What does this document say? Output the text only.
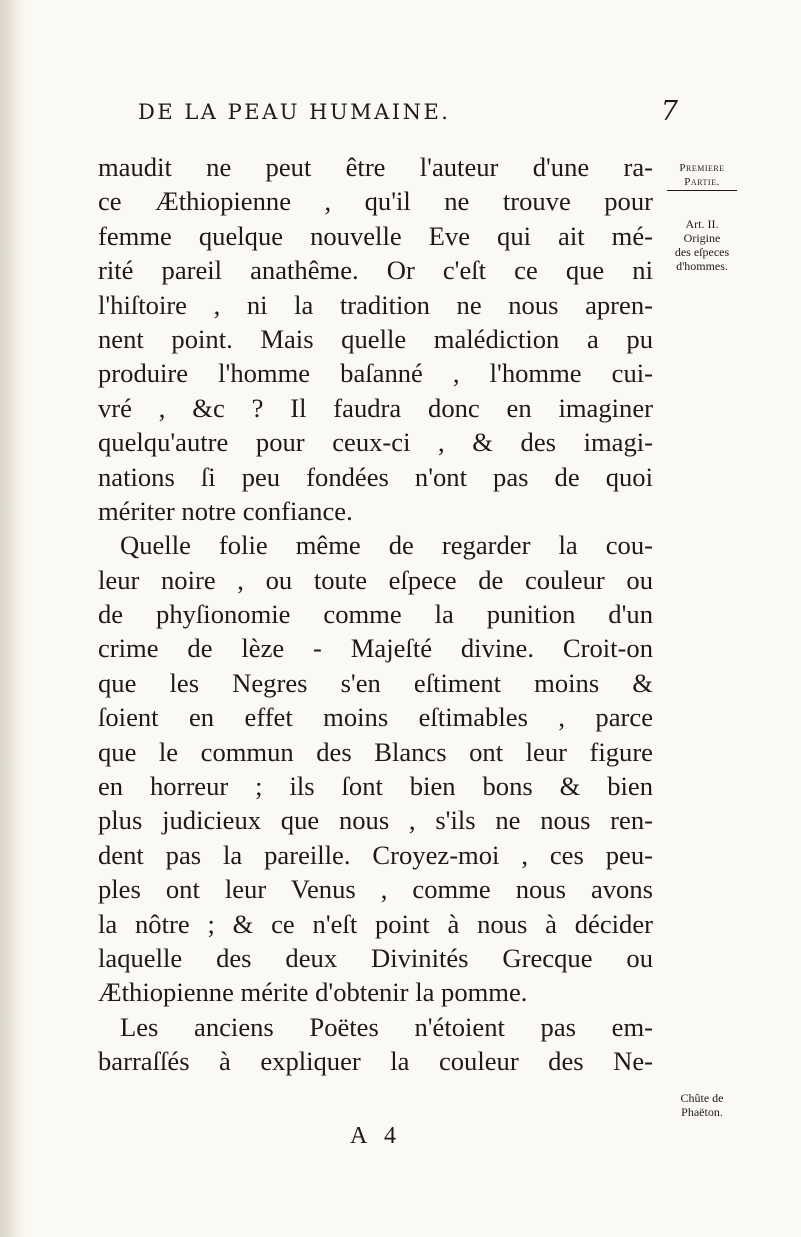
DE LA PEAU HUMAINE.	7
maudit ne peut être l'auteur d'une ra-
ce Æthiopienne , qu'il ne trouve pour
femme quelque nouvelle Eve qui ait mé-
rité pareil anathême. Or c'eſt ce que ni
l'hiſtoire , ni la tradition ne nous apren-
nent point. Mais quelle malédiction a pu
produire l'homme baſanné , l'homme cui-
vré , &c ? Il faudra donc en imaginer
quelqu'autre pour ceux-ci , & des imagi-
nations ſi peu fondées n'ont pas de quoi
mériter notre confiance.
Quelle folie même de regarder la cou-
leur noire , ou toute eſpece de couleur ou
de phyſionomie comme la punition d'un
crime de lèze - Majeſté divine. Croit-on
que les Negres s'en eſtiment moins &
ſoient en effet moins eſtimables , parce
que le commun des Blancs ont leur figure
en horreur ; ils ſont bien bons & bien
plus judicieux que nous , s'ils ne nous ren-
dent pas la pareille. Croyez-moi , ces peu-
ples ont leur Venus , comme nous avons
la nôtre ; & ce n'eſt point à nous à décider
laquelle des deux Divinités Grecque ou
Æthiopienne mérite d'obtenir la pomme.
Les anciens Poëtes n'étoient pas em-
barraſſés à expliquer la couleur des Ne-
Premiere
Partie.
Art. II.
Origine
des eſpeces
d'hommes.
Chûte de
Phaëton.
A 4
